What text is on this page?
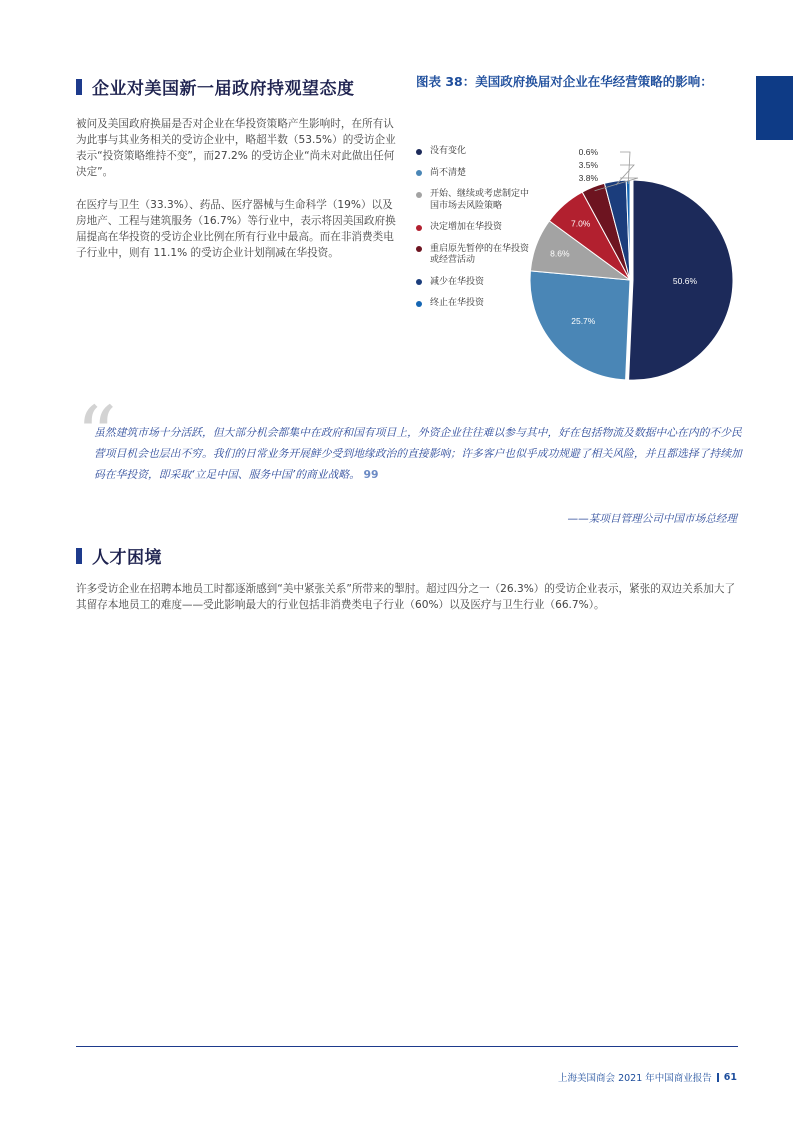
企业对美国新一届政府持观望态度

被问及美国政府换届是否对企业在华投资策略产生影响时，在所有认为此事与其业务相关的受访企业中，略超半数（53.5%）的受访企业表示“投资策略维持不变”，而27.2% 的受访企业“尚未对此做出任何决定”。

在医疗与卫生（33.3%）、药品、医疗器械与生命科学（19%）以及房地产、工程与建筑服务（16.7%）等行业中，表示将因美国政府换届提高在华投资的受访企业比例在所有行业中最高。而在非消费类电子行业中，则有 11.1% 的受访企业计划削减在华投资。

图表 38：美国政府换届对企业在华经营策略的影响：

没有变化
尚不清楚
开始、继续或考虑制定中国市场去风险策略
决定增加在华投资
重启原先暂停的在华投资或经营活动
减少在华投资
终止在华投资
50.6%
25.7%
8.6%
7.0%
0.6%
3.5%
3.8%
“

虽然建筑市场十分活跃，但大部分机会都集中在政府和国有项目上，外资企业往往难以参与其中，好在包括物流及数据中心在内的不少民营项目机会也层出不穷。我们的日常业务开展鲜少受到地缘政治的直接影响；许多客户也似乎成功规避了相关风险，并且都选择了持续加码在华投资，即采取‘立足中国、服务中国’的商业战略。 99

——某项目管理公司中国市场总经理
人才困境

许多受访企业在招聘本地员工时都逐渐感到“美中紧张关系”所带来的掣肘。超过四分之一（26.3%）的受访企业表示，紧张的双边关系加大了其留存本地员工的难度——受此影响最大的行业包括非消费类电子行业（60%）以及医疗与卫生行业（66.7%）。

上海美国商会 2021 年中国商业报告 61
